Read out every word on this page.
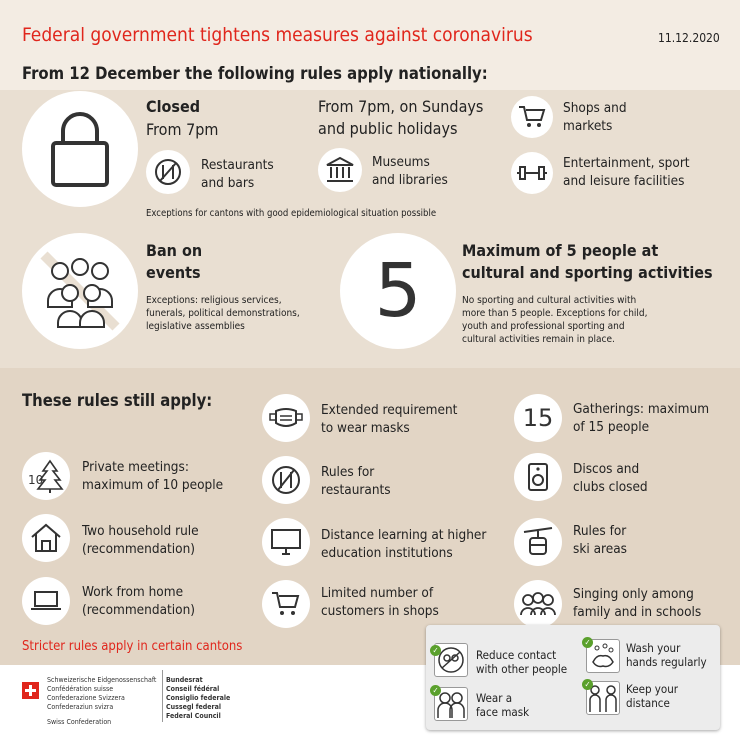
Federal government tightens measures against coronavirus	11.12.2020
From 12 December the following rules apply nationally:
Closed
From 7pm
From 7pm, on Sundays
and public holidays
Restaurants
and bars
Museums
and libraries
Shops and
markets
Entertainment, sport
and leisure facilities
Exceptions for cantons with good epidemiological situation possible
Ban on
events
Exceptions: religious services,
funerals, political demonstrations,
legislative assemblies 5	Maximum of 5 people at
cultural and sporting activities
No sporting and cultural activities with
more than 5 people. Exceptions for child,
youth and professional sporting and
cultural activities remain in place.
These rules still apply:
10
Private meetings:
maximum of 10 people
Two household rule
(recommendation)
Work from home
(recommendation)
Extended requirement
to wear masks
Rules for
restaurants
Distance learning at higher
education institutions
Limited number of
customers in shops
15 Gatherings: maximum
of 15 people
Discos and
clubs closed
Rules for
ski areas
Singing only among
family and in schools
Stricter rules apply in certain cantons	✓	Reduce contact
with other people
✓	Wash your
hands regularly
✓
Wear a
face mask
✓	Keep your
distance
Schweizerische Eidgenossenschaft
Confédération suisse
Confederazione Svizzera
Confederaziun svizra
Swiss Confederation
Bundesrat
Conseil fédéral
Consiglio federale
Cussegl federal
Federal Council
